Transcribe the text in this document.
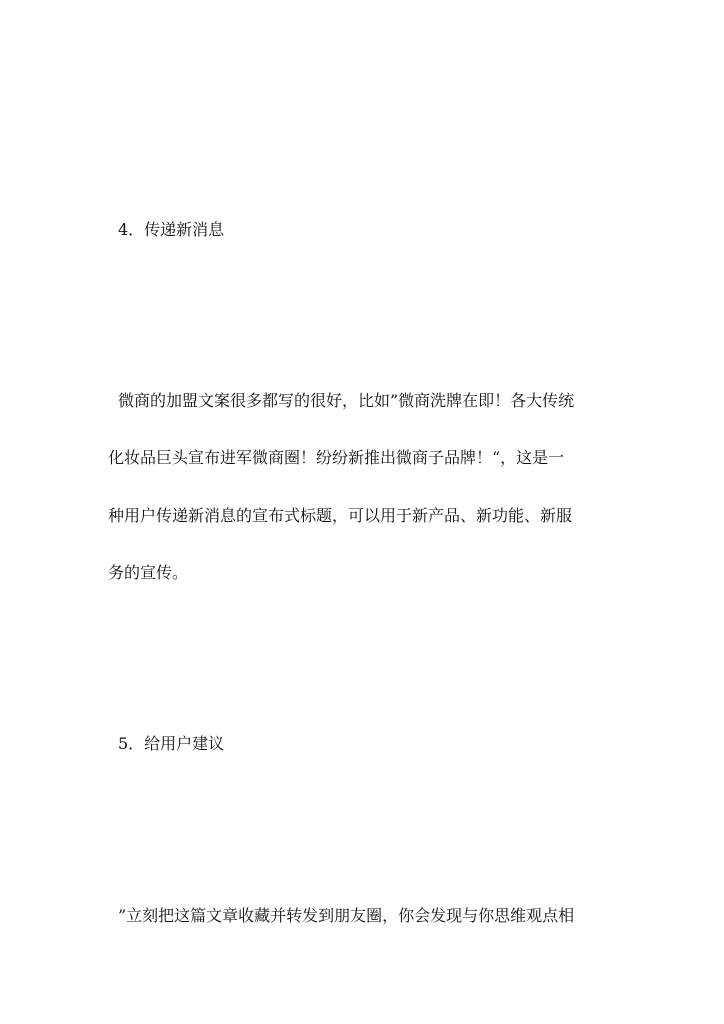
4．传递新消息

微商的加盟文案很多都写的很好，比如”微商洗牌在即！各大传统

化妆品巨头宣布进军微商圈！纷纷新推出微商子品牌！“，这是一

种用户传递新消息的宣布式标题，可以用于新产品、新功能、新服

务的宣传。

5．给用户建议

”立刻把这篇文章收藏并转发到朋友圈，你会发现与你思维观点相
